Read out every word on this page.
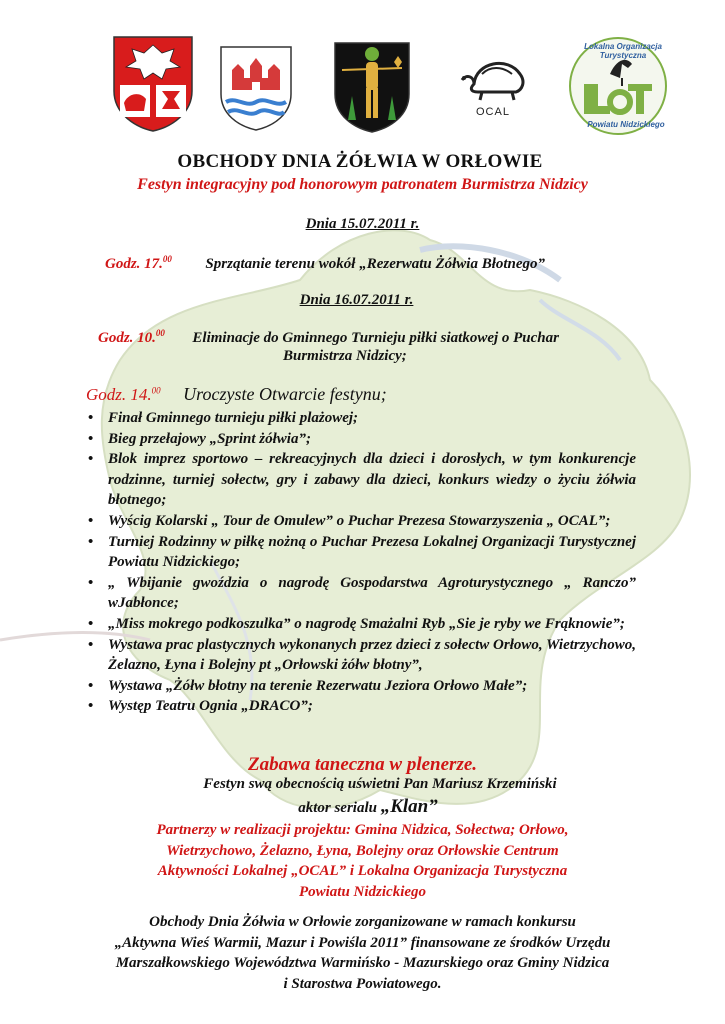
OCAL
Lokalna Organizacja Turystyczna
Powiatu Nidzickiego
OBCHODY DNIA ŻÓŁWIA W ORŁOWIE
Festyn integracyjny pod honorowym patronatem Burmistrza Nidzicy
Dnia 15.07.2011 r.
Godz. 17.00 Sprzątanie terenu wokół „Rezerwatu Żółwia Błotnego”
Dnia 16.07.2011 r.
Godz. 10.00 Eliminacje do Gminnego Turnieju piłki siatkowej o Puchar
Burmistrza Nidzicy;
Godz. 14.00 Uroczyste Otwarcie festynu;
• Finał Gminnego turnieju piłki plażowej;
• Bieg przełajowy „Sprint żółwia”;
• Blok imprez sportowo – rekreacyjnych dla dzieci i dorosłych, w tym konkurencje rodzinne, turniej sołectw, gry i zabawy dla dzieci, konkurs wiedzy o życiu żółwia błotnego;
• Wyścig Kolarski „ Tour de Omulew” o Puchar Prezesa Stowarzyszenia „ OCAL”;
• Turniej Rodzinny w piłkę nożną o Puchar Prezesa Lokalnej Organizacji Turystycznej Powiatu Nidzickiego;
• „ Wbijanie gwoździa o nagrodę Gospodarstwa Agroturystycznego „ Ranczo” wJabłonce;
• „Miss mokrego podkoszulka” o nagrodę Smażalni Ryb „Sie je ryby we Frąknowie”;
• Wystawa prac plastycznych wykonanych przez dzieci z sołectw Orłowo, Wietrzychowo, Żelazno, Łyna i Bolejny pt „Orłowski żółw błotny”,
• Wystawa „Żółw błotny na terenie Rezerwatu Jeziora Orłowo Małe”;
• Występ Teatru Ognia „DRACO”;
Zabawa taneczna w plenerze.
Festyn swą obecnością uświetni Pan Mariusz Krzemiński
aktor serialu „Klan”
Partnerzy w realizacji projektu: Gmina Nidzica, Sołectwa; Orłowo,
Wietrzychowo, Żelazno, Łyna, Bolejny oraz Orłowskie Centrum
Aktywności Lokalnej „OCAL” i Lokalna Organizacja Turystyczna
Powiatu Nidzickiego
Obchody Dnia Żółwia w Orłowie zorganizowane w ramach konkursu
„Aktywna Wieś Warmii, Mazur i Powiśla 2011” finansowane ze środków Urzędu
Marszałkowskiego Województwa Warmińsko - Mazurskiego oraz Gminy Nidzica
i Starostwa Powiatowego.
